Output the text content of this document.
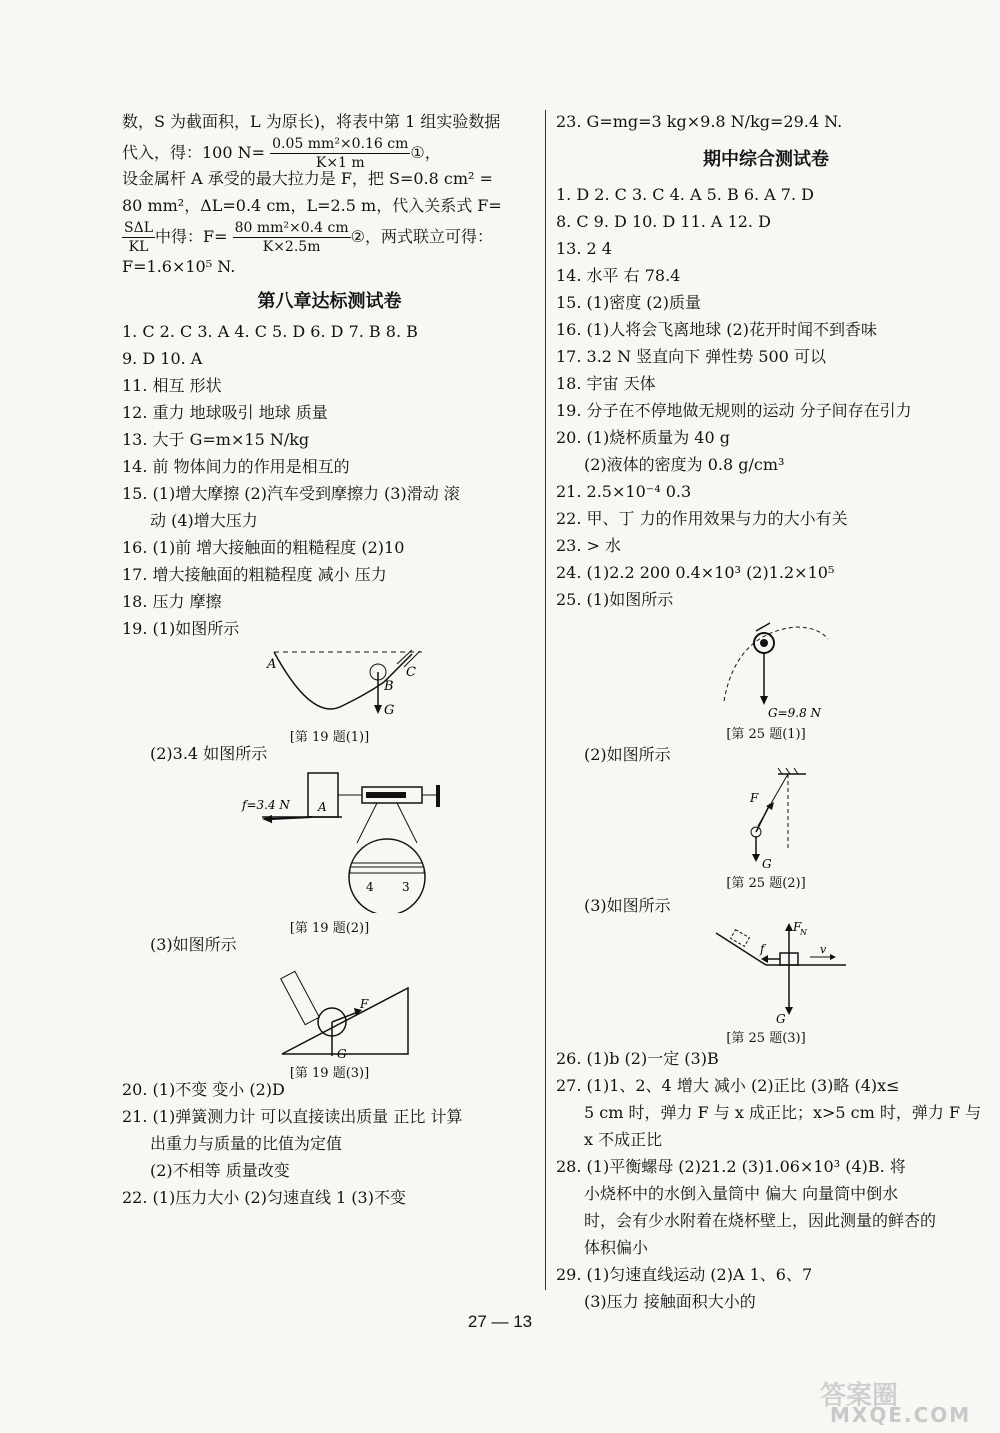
数，S 为截面积，L 为原长)，将表中第 1 组实验数据
代入，得：100 $N= \frac{\text{0.05 mm²×0.16 cm}}{K\times 1 m}$ ①，
设金属杆 A 承受的最大拉力是 F，把 S=0.8 cm² =
80 mm²，ΔL=0.4 cm，L=2.5 m，代入关系式 F=
$\frac{\text{SΔL}}{KL}$ 中得：$F= \frac{\text{80 mm²×0.4 cm}}{K\times 2.5m}$ ②，两式联立可得：
F=1.6×10⁵ N.
第八章达标测试卷
1. C 2. C 3. A 4. C 5. D 6. D 7. B 8. B
9. D 10. A
11. 相互 形状
12. 重力 地球吸引 地球 质量
13. 大于 G=m×15 N/kg
14. 前 物体间力的作用是相互的
15. (1)增大摩擦 (2)汽车受到摩擦力 (3)滑动 滚
动 (4)增大压力
16. (1)前 增大接触面的粗糙程度 (2)10
17. 增大接触面的粗糙程度 减小 压力
18. 压力 摩擦
19. (1)如图所示
A
B
C
G
[第 19 题(1)]
(2)3.4 如图所示
f=3.4 N A
4 3
[第 19 题(2)]
(3)如图所示
F
G
[第 19 题(3)]
20. (1)不变 变小 (2)D
21. (1)弹簧测力计 可以直接读出质量 正比 计算
出重力与质量的比值为定值
(2)不相等 质量改变
22. (1)压力大小 (2)匀速直线 1 (3)不变
23. G=mg=3 kg×9.8 N/kg=29.4 N.
期中综合测试卷
1. D 2. C 3. C 4. A 5. B 6. A 7. D
8. C 9. D 10. D 11. A 12. D
13. 2 4
14. 水平 右 78.4
15. (1)密度 (2)质量
16. (1)人将会飞离地球 (2)花开时闻不到香味
17. 3.2 N 竖直向下 弹性势 500 可以
18. 宇宙 天体
19. 分子在不停地做无规则的运动 分子间存在引力
20. (1)烧杯质量为 40 g
(2)液体的密度为 0.8 g/cm³
21. 2.5×10⁻⁴ 0.3
22. 甲、丁 力的作用效果与力的大小有关
23. > 水
24. (1)2.2 200 0.4×10³ (2)1.2×10⁵
25. (1)如图所示
G=9.8 N
[第 25 题(1)]
(2)如图所示
F
G
[第 25 题(2)]
(3)如图所示
F
N
f	v
G
[第 25 题(3)]
26. (1)b (2)一定 (3)B
27. (1)1、2、4 增大 减小 (2)正比 (3)略 (4)x≤
5 cm 时，弹力 F 与 x 成正比；x>5 cm 时，弹力 F 与
x 不成正比
28. (1)平衡螺母 (2)21.2 (3)1.06×10³ (4)B. 将
小烧杯中的水倒入量筒中 偏大 向量筒中倒水
时，会有少水附着在烧杯壁上，因此测量的鲜杏的
体积偏小
29. (1)匀速直线运动 (2)A 1、6、7
(3)压力 接触面积大小的
27 — 13
答案圈
MXQE.COM
